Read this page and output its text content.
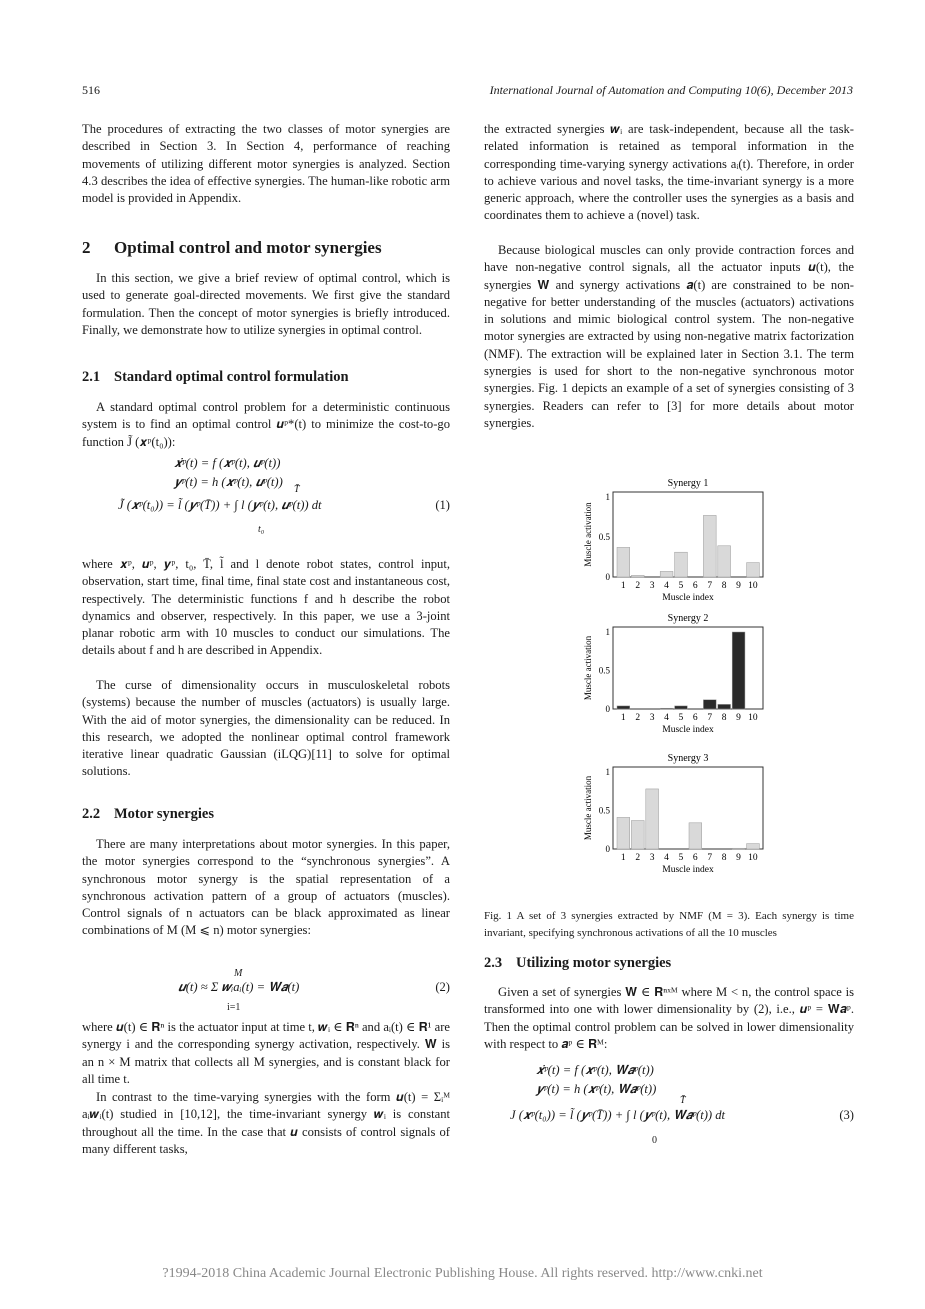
516	International Journal of Automation and Computing 10(6), December 2013

The procedures of extracting the two classes of motor synergies are described in Section 3. In Section 4, performance of reaching movements of utilizing different motor synergies is analyzed. Section 4.3 describes the idea of effective synergies. The human-like robotic arm model is provided in Appendix.

2 Optimal control and motor synergies

In this section, we give a brief review of optimal control, which is used to generate goal-directed movements. We first give the standard formulation. Then the concept of motor synergies is briefly introduced. Finally, we demonstrate how to utilize synergies in optimal control.

2.1 Standard optimal control formulation

A standard optimal control problem for a deterministic continuous system is to find an optimal control 𝒖ᵖ*(t) to minimize the cost-to-go function J̃ (𝒙ᵖ(t₀)):

𝒙̇ᵖ(t) = f (𝒙ᵖ(t), 𝒖ᵖ(t))
𝒚ᵖ(t) = h (𝒙ᵖ(t), 𝒖ᵖ(t))
J̃ (𝒙ᵖ(t₀)) = l̃ (𝒚ᵖ(T̄)) + ∫ l (𝒚ᵖ(t), 𝒖ᵖ(t)) dt
T̄
t₀
(1)

where 𝒙ᵖ, 𝒖ᵖ, 𝒚ᵖ, t₀, T̄, l̃ and l denote robot states, control input, observation, start time, final time, final state cost and instantaneous cost, respectively. The deterministic functions f and h describe the robot dynamics and observer, respectively. In this paper, we use a 3-joint planar robotic arm with 10 muscles to conduct our simulations. The details about f and h are described in Appendix.

The curse of dimensionality occurs in musculoskeletal robots (systems) because the number of muscles (actuators) is usually large. With the aid of motor synergies, the dimensionality can be reduced. In this research, we adopted the nonlinear optimal control framework iterative linear quadratic Gaussian (iLQG)[11] to solve for optimal solutions.

2.2 Motor synergies

There are many interpretations about motor synergies. In this paper, the motor synergies correspond to the “synchronous synergies”. A synchronous motor synergy is the spatial representation of a synchronous activation pattern of a group of actuators (muscles). Control signals of n actuators can be black approximated as linear combinations of M (M ⩽ n) motor synergies:

𝒖(t) ≈ Σ 𝒘ᵢaᵢ(t) = 𝐖𝒂(t)
M
i=1
(2)

where 𝒖(t) ∈ 𝐑ⁿ is the actuator input at time t, 𝒘ᵢ ∈ 𝐑ⁿ and aᵢ(t) ∈ 𝐑¹ are synergy i and the corresponding synergy activation, respectively. 𝐖 is an n × M matrix that collects all M synergies, and is constant black for all time t.

In contrast to the time-varying synergies with the form 𝒖(t) = Σᵢᴹ aᵢ𝒘ᵢ(t) studied in [10,12], the time-invariant synergy 𝒘ᵢ is constant throughout all the time. In the case that 𝒖 consists of control signals of many different tasks,

the extracted synergies 𝒘ᵢ are task-independent, because all the task-related information is retained as temporal information in the corresponding time-varying synergy activations aᵢ(t). Therefore, in order to achieve various and novel tasks, the time-invariant synergy is a more generic approach, where the controller uses the synergies as a basis and coordinates them to achieve a (novel) task.

Because biological muscles can only provide contraction forces and have non-negative control signals, all the actuator inputs 𝒖(t), the synergies 𝐖 and synergy activations 𝒂(t) are constrained to be non-negative for better understanding of the muscles (actuators) activations in solutions and mimic biological control system. The non-negative motor synergies are extracted by using non-negative matrix factorization (NMF). The extraction will be explained later in Section 3.1. The term synergies is used for short to the non-negative synchronous motor synergies. Fig. 1 depicts an example of a set of synergies consisting of 3 synergies. Readers can refer to [3] for more details about motor synergies.

Synergy 1
0
0.5
1
Muscle activation
1 2 3 4 5 6 7 8 9 10
Muscle index
Synergy 2
0
0.5
1
Muscle activation
1 2 3 4 5 6 7 8 9 10
Muscle index
Synergy 3
0
0.5
1
Muscle activation
1 2 3 4 5 6 7 8 9 10
Muscle index
Fig. 1 A set of 3 synergies extracted by NMF (M = 3). Each synergy is time invariant, specifying synchronous activations of all the 10 muscles
2.3 Utilizing motor synergies

Given a set of synergies 𝐖 ∈ 𝐑ⁿˣᴹ where M < n, the control space is transformed into one with lower dimensionality by (2), i.e., 𝒖ᵖ = 𝐖𝒂ᵖ. Then the optimal control problem can be solved in lower dimensionality with respect to 𝒂ᵖ ∈ 𝐑ᴹ:

𝒙̇ᵖ(t) = f (𝒙ᵖ(t), 𝐖𝒂ᵖ(t))
𝒚ᵖ(t) = h (𝒙ᵖ(t), 𝐖𝒂ᵖ(t))
J (𝒙ᵖ(t₀)) = l̃ (𝒚ᵖ(T̄)) + ∫ l (𝒚ᵖ(t), 𝐖𝒂ᵖ(t)) dt
T̄
0
(3)
?1994-2018 China Academic Journal Electronic Publishing House. All rights reserved. http://www.cnki.net
